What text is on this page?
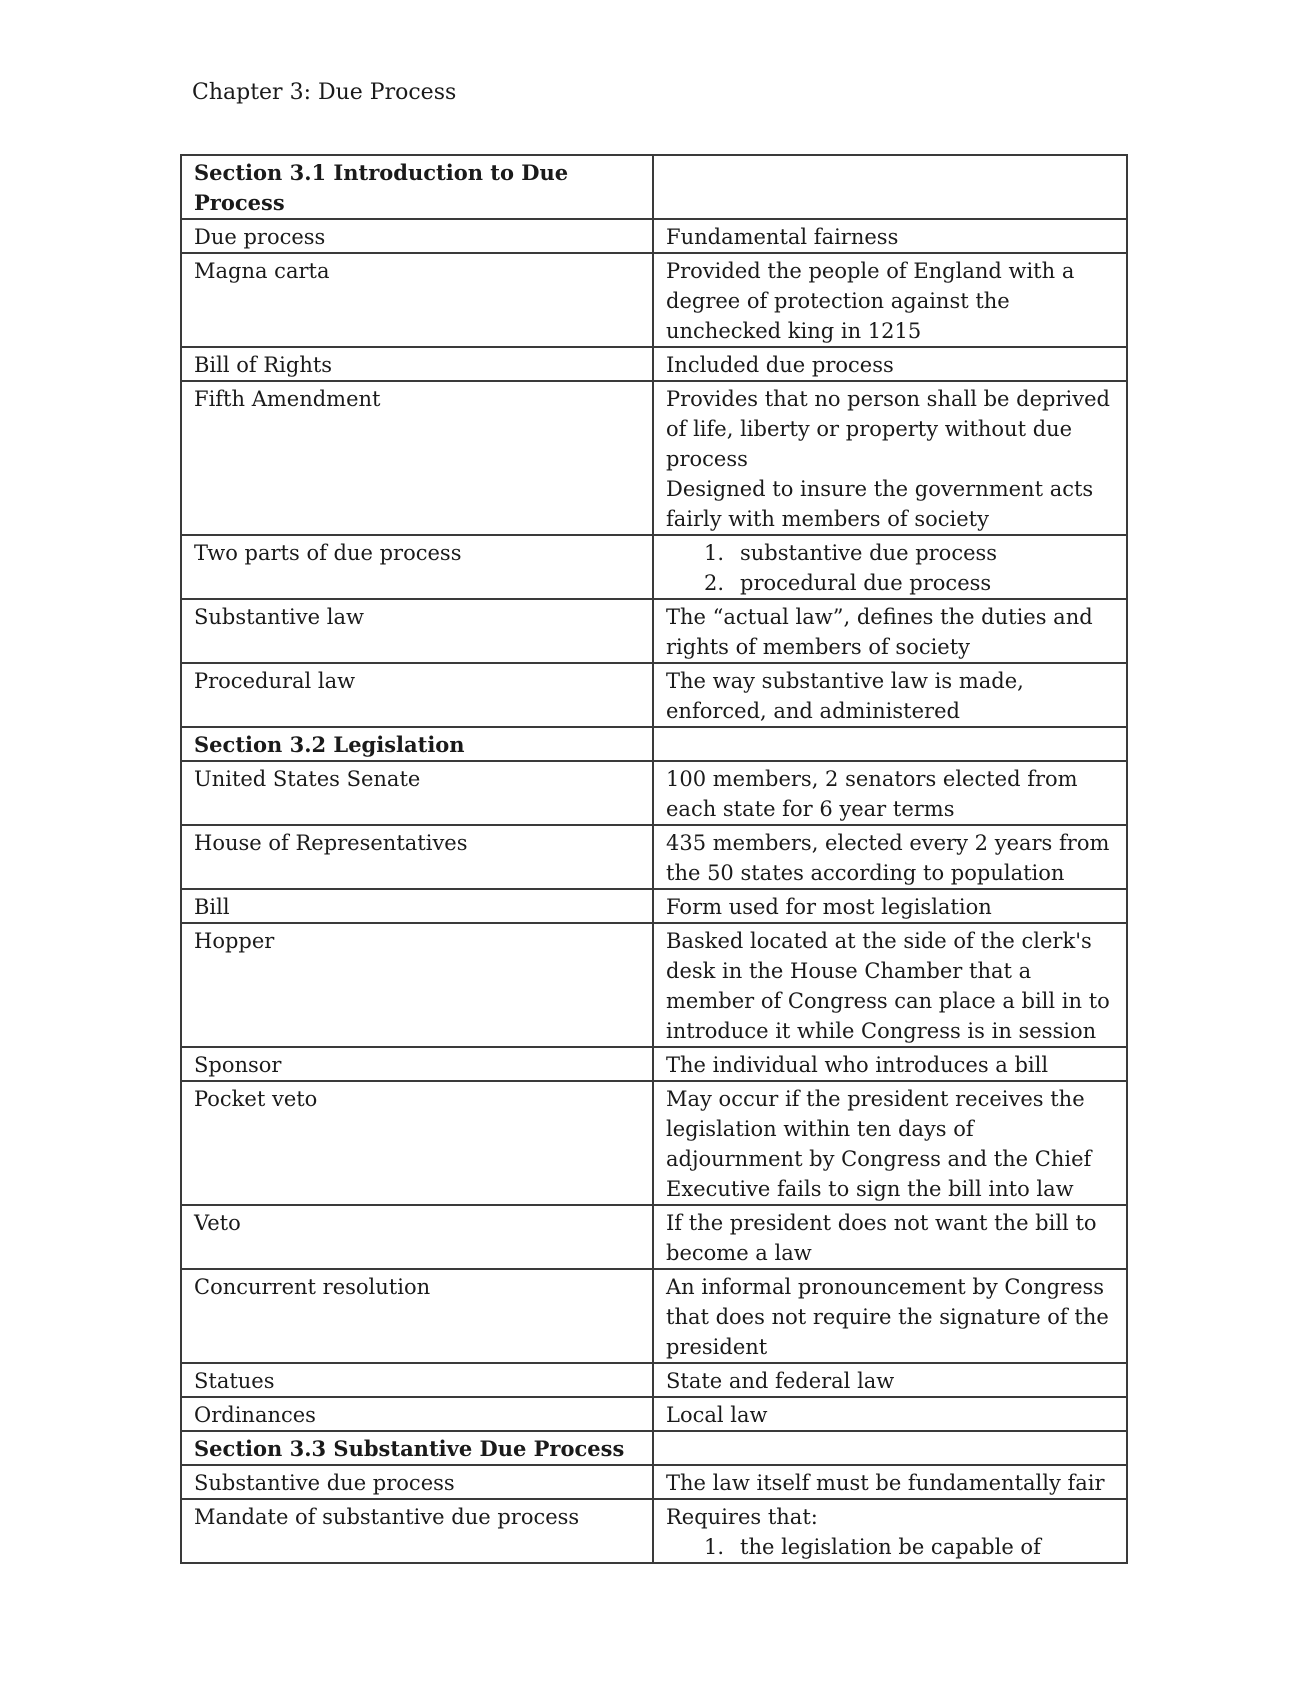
Chapter 3: Due Process
Section 3.1 Introduction to Due Process	

Due process	Fundamental fairness

Magna carta	Provided the people of England with a degree of protection against the unchecked king in 1215

Bill of Rights	Included due process

Fifth Amendment	Provides that no person shall be deprived of life, liberty or property without due process
Designed to insure the government acts fairly with members of society

Two parts of due process	1. substantive due process
2. procedural due process

Substantive law	The “actual law”, defines the duties and rights of members of society

Procedural law	The way substantive law is made, enforced, and administered

Section 3.2 Legislation	

United States Senate	100 members, 2 senators elected from each state for 6 year terms

House of Representatives	435 members, elected every 2 years from the 50 states according to population

Bill	Form used for most legislation

Hopper	Basked located at the side of the clerk's desk in the House Chamber that a member of Congress can place a bill in to introduce it while Congress is in session

Sponsor	The individual who introduces a bill

Pocket veto	May occur if the president receives the legislation within ten days of adjournment by Congress and the Chief Executive fails to sign the bill into law

Veto	If the president does not want the bill to become a law

Concurrent resolution	An informal pronouncement by Congress that does not require the signature of the president

Statues	State and federal law

Ordinances	Local law

Section 3.3 Substantive Due Process	

Substantive due process	The law itself must be fundamentally fair

Mandate of substantive due process	Requires that:
1. the legislation be capable of
